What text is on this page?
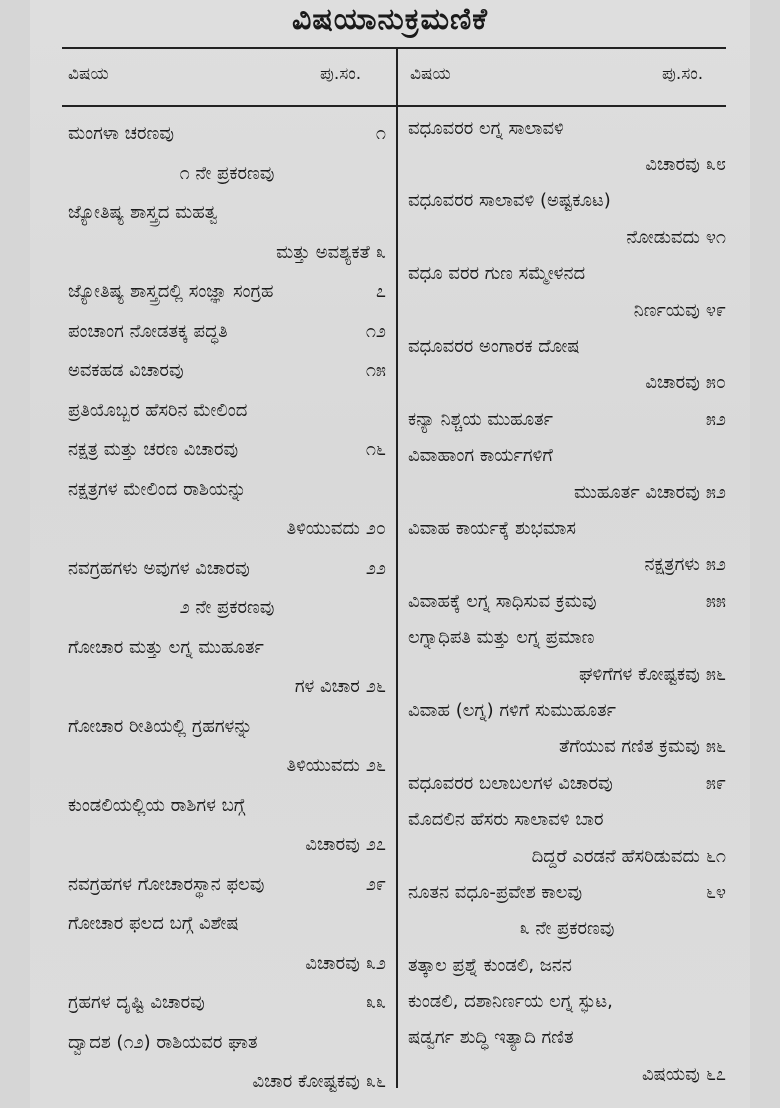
ವಿಷಯಾನುಕ್ರಮಣಿಕೆ
ವಿಷಯ	ಪು.ಸಂ.	ವಿಷಯ	ಪು.ಸಂ.
ಮಂಗಳಾ ಚರಣವು	೧
೧ ನೇ ಪ್ರಕರಣವು
ಜ್ಯೋತಿಷ್ಯ ಶಾಸ್ತ್ರದ ಮಹತ್ವ
ಮತ್ತು ಅವಶ್ಯಕತೆ ೩
ಜ್ಯೋತಿಷ್ಯ ಶಾಸ್ತ್ರದಲ್ಲಿ ಸಂಜ್ಞಾ ಸಂಗ್ರಹ	೭
ಪಂಚಾಂಗ ನೋಡತಕ್ಕ ಪದ್ಧತಿ	೧೨
ಅವಕಹಡ ವಿಚಾರವು	೧೫
ಪ್ರತಿಯೊಬ್ಬರ ಹೆಸರಿನ ಮೇಲಿಂದ
ನಕ್ಷತ್ರ ಮತ್ತು ಚರಣ ವಿಚಾರವು	೧೬
ನಕ್ಷತ್ರಗಳ ಮೇಲಿಂದ ರಾಶಿಯನ್ನು
ತಿಳಿಯುವದು ೨೦
ನವಗ್ರಹಗಳು ಅವುಗಳ ವಿಚಾರವು	೨೨
೨ ನೇ ಪ್ರಕರಣವು
ಗೋಚಾರ ಮತ್ತು ಲಗ್ನ ಮುಹೂರ್ತ
ಗಳ ವಿಚಾರ ೨೬
ಗೋಚಾರ ರೀತಿಯಲ್ಲಿ ಗ್ರಹಗಳನ್ನು
ತಿಳಿಯುವದು ೨೬
ಕುಂಡಲಿಯಲ್ಲಿಯ ರಾಶಿಗಳ ಬಗ್ಗೆ
ವಿಚಾರವು ೨೭
ನವಗ್ರಹಗಳ ಗೋಚಾರಸ್ಥಾನ ಫಲವು	೨೯
ಗೋಚಾರ ಫಲದ ಬಗ್ಗೆ ವಿಶೇಷ
ವಿಚಾರವು ೩೨
ಗ್ರಹಗಳ ದೃಷ್ಟಿ ವಿಚಾರವು	೩೩
ದ್ವಾದಶ (೧೨) ರಾಶಿಯವರ ಘಾತ
ವಿಚಾರ ಕೋಷ್ಟಕವು ೩೬
ವಧೂವರರ ಲಗ್ನ ಸಾಲಾವಳಿ
ವಿಚಾರವು ೩೮
ವಧೂವರರ ಸಾಲಾವಳಿ (ಅಷ್ಟಕೂಟ)
ನೋಡುವದು ೪೧
ವಧೂ ವರರ ಗುಣ ಸಮ್ಮೇಳನದ
ನಿರ್ಣಯವು ೪೯
ವಧೂವರರ ಅಂಗಾರಕ ದೋಷ
ವಿಚಾರವು ೫೦
ಕನ್ಯಾ ನಿಶ್ಚಯ ಮುಹೂರ್ತ	೫೨
ವಿವಾಹಾಂಗ ಕಾರ್ಯಗಳಿಗೆ
ಮುಹೂರ್ತ ವಿಚಾರವು ೫೨
ವಿವಾಹ ಕಾರ್ಯಕ್ಕೆ ಶುಭಮಾಸ
ನಕ್ಷತ್ರಗಳು ೫೨
ವಿವಾಹಕ್ಕೆ ಲಗ್ನ ಸಾಧಿಸುವ ಕ್ರಮವು	೫೫
ಲಗ್ನಾಧಿಪತಿ ಮತ್ತು ಲಗ್ನ ಪ್ರಮಾಣ
ಘಳಿಗೆಗಳ ಕೋಷ್ಟಕವು ೫೬
ವಿವಾಹ (ಲಗ್ನ) ಗಳಿಗೆ ಸುಮುಹೂರ್ತ
ತೆಗೆಯುವ ಗಣಿತ ಕ್ರಮವು ೫೬
ವಧೂವರರ ಬಲಾಬಲಗಳ ವಿಚಾರವು	೫೯
ಮೊದಲಿನ ಹೆಸರು ಸಾಲಾವಳಿ ಬಾರ
ದಿದ್ದರೆ ಎರಡನೆ ಹೆಸರಿಡುವದು ೬೧
ನೂತನ ವಧೂ-ಪ್ರವೇಶ ಕಾಲವು	೬೪
೩ ನೇ ಪ್ರಕರಣವು
ತತ್ಕಾಲ ಪ್ರಶ್ನೆ ಕುಂಡಲಿ, ಜನನ
ಕುಂಡಲಿ, ದಶಾನಿರ್ಣಯ ಲಗ್ನ ಸ್ಫುಟ,
ಷಡ್ವರ್ಗ ಶುದ್ಧಿ ಇತ್ಯಾದಿ ಗಣಿತ
ವಿಷಯವು ೬೭
